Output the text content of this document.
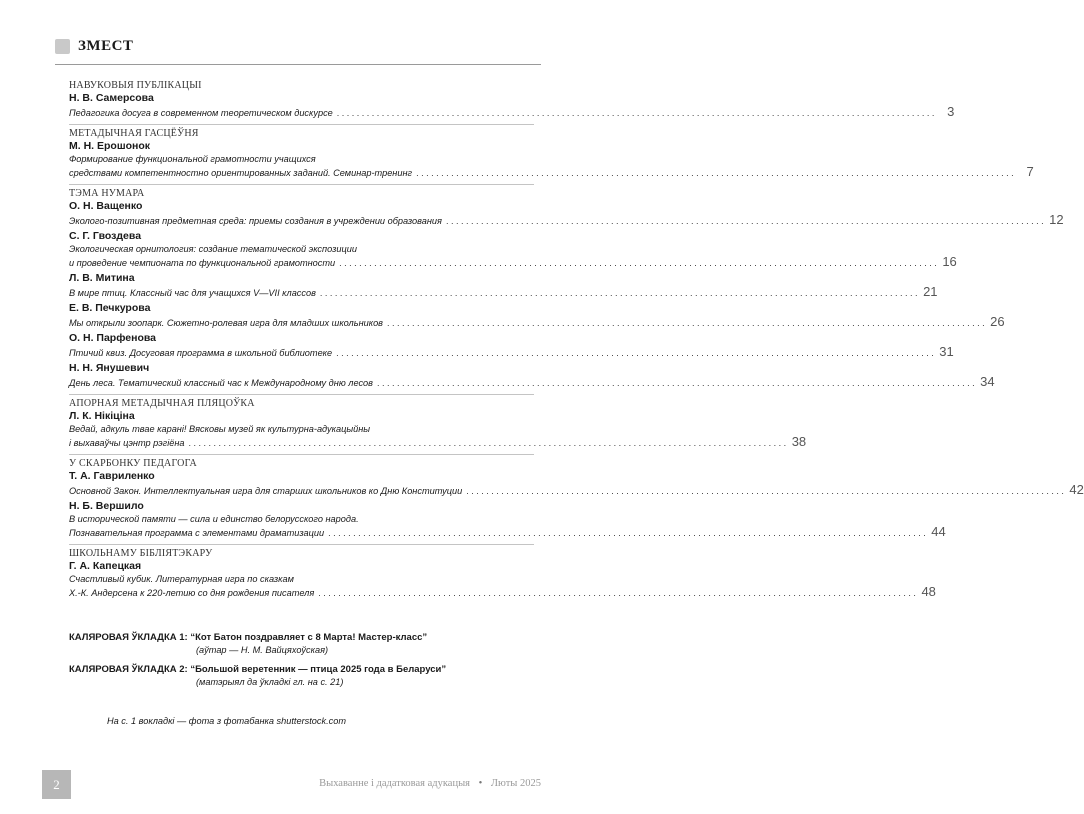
ЗМЕСТ
НАВУКОВЫЯ ПУБЛІКАЦЫІ
Н. В. Самерсова
Педагогика досуга в современном теоретическом дискурсе . . . . . . . . . . . . . . . . . . . . . . . . . . . . . . . . . . . . . . . . . . . . . . . . . . . . . . . . . . . . . . . . . . . . . . . . . . . . . . . . . . . . . . . . . . . . . . . . . . . . . . . . . . . . . . . . . . . . . . . . 3
МЕТАДЫЧНАЯ ГАСЦЁЎНЯ
М. Н. Ерошонок
Формирование функциональной грамотности учащихся
средствами компетентностно ориентированных заданий. Семинар-тренинг . . . . . . . . . . . . . . . . . . . . . . . . . . . . . . . . . . . . . . . . . . . . . . . . . . . . . . . . . . . . . . . . . . . . . . . . . . . . . . . . . . . . . . . . . . . . . . . . . . . . . . . . . . . . . . . . . . . . . . . . 7
ТЭМА НУМАРА
О. Н. Ващенко
Эколого-позитивная предметная среда: приемы создания в учреждении образования . . . . . . . . . . . . . . . . . . . . . . . . . . . . . . . . . . . . . . . . . . . . . . . . . . . . . . . . . . . . . . . . . . . . . . . . . . . . . . . . . . . . . . . . . . . . . . . . . . . . . . . . . . . . . . . . . . . . . . . . 12
С. Г. Гвоздева
Экологическая орнитология: создание тематической экспозиции
и проведение чемпионата по функциональной грамотности . . . . . . . . . . . . . . . . . . . . . . . . . . . . . . . . . . . . . . . . . . . . . . . . . . . . . . . . . . . . . . . . . . . . . . . . . . . . . . . . . . . . . . . . . . . . . . . . . . . . . . . . . . . . . . . . . . . . . . . . 16
Л. В. Митина
В мире птиц. Классный час для учащихся V—VII классов . . . . . . . . . . . . . . . . . . . . . . . . . . . . . . . . . . . . . . . . . . . . . . . . . . . . . . . . . . . . . . . . . . . . . . . . . . . . . . . . . . . . . . . . . . . . . . . . . . . . . . . . . . . . . . . . . . . . . . . . 21
Е. В. Печкурова
Мы открыли зоопарк. Сюжетно-ролевая игра для младших школьников . . . . . . . . . . . . . . . . . . . . . . . . . . . . . . . . . . . . . . . . . . . . . . . . . . . . . . . . . . . . . . . . . . . . . . . . . . . . . . . . . . . . . . . . . . . . . . . . . . . . . . . . . . . . . . . . . . . . . . . . 26
О. Н. Парфенова
Птичий квиз. Досуговая программа в школьной библиотеке . . . . . . . . . . . . . . . . . . . . . . . . . . . . . . . . . . . . . . . . . . . . . . . . . . . . . . . . . . . . . . . . . . . . . . . . . . . . . . . . . . . . . . . . . . . . . . . . . . . . . . . . . . . . . . . . . . . . . . . . 31
Н. Н. Янушевич
День леса. Тематический классный час к Международному дню лесов . . . . . . . . . . . . . . . . . . . . . . . . . . . . . . . . . . . . . . . . . . . . . . . . . . . . . . . . . . . . . . . . . . . . . . . . . . . . . . . . . . . . . . . . . . . . . . . . . . . . . . . . . . . . . . . . . . . . . . . . 34
АПОРНАЯ МЕТАДЫЧНАЯ ПЛЯЦОЎКА
Л. К. Нікіціна
Ведай, адкуль твае карані! Вясковы музей як культурна-адукацыйны
і выхаваўчы цэнтр рэгіёна . . . . . . . . . . . . . . . . . . . . . . . . . . . . . . . . . . . . . . . . . . . . . . . . . . . . . . . . . . . . . . . . . . . . . . . . . . . . . . . . . . . . . . . . . . . . . . . . . . . . . . . . . . . . . . . . . . . . . . . . 38
У СКАРБОНКУ ПЕДАГОГА
Т. А. Гавриленко
Основной Закон. Интеллектуальная игра для старших школьников ко Дню Конституции . . . . . . . . . . . . . . . . . . . . . . . . . . . . . . . . . . . . . . . . . . . . . . . . . . . . . . . . . . . . . . . . . . . . . . . . . . . . . . . . . . . . . . . . . . . . . . . . . . . . . . . . . . . . . . . . . . . . . . . . 42
Н. Б. Вершило
В исторической памяти — сила и единство белорусского народа.
Познавательная программа с элементами драматизации . . . . . . . . . . . . . . . . . . . . . . . . . . . . . . . . . . . . . . . . . . . . . . . . . . . . . . . . . . . . . . . . . . . . . . . . . . . . . . . . . . . . . . . . . . . . . . . . . . . . . . . . . . . . . . . . . . . . . . . . 44
ШКОЛЬНАМУ БІБЛІЯТЭКАРУ
Г. А. Капецкая
Счастливый кубик. Литературная игра по сказкам
Х.-К. Андерсена к 220-летию со дня рождения писателя . . . . . . . . . . . . . . . . . . . . . . . . . . . . . . . . . . . . . . . . . . . . . . . . . . . . . . . . . . . . . . . . . . . . . . . . . . . . . . . . . . . . . . . . . . . . . . . . . . . . . . . . . . . . . . . . . . . . . . . . 48
КАЛЯРОВАЯ ЎКЛАДКА 1: “Кот Батон поздравляет с 8 Марта! Мастер-класс”
(аўтар — Н. М. Вайцяхоўская)
КАЛЯРОВАЯ ЎКЛАДКА 2: “Большой веретенник — птица 2025 года в Беларуси”
(матэрыял да ўкладкі гл. на с. 21)
На с. 1 вокладкі — фота з фотабанка shutterstock.com
2	Выхаванне і дадатковая адукацыя • Люты 2025
